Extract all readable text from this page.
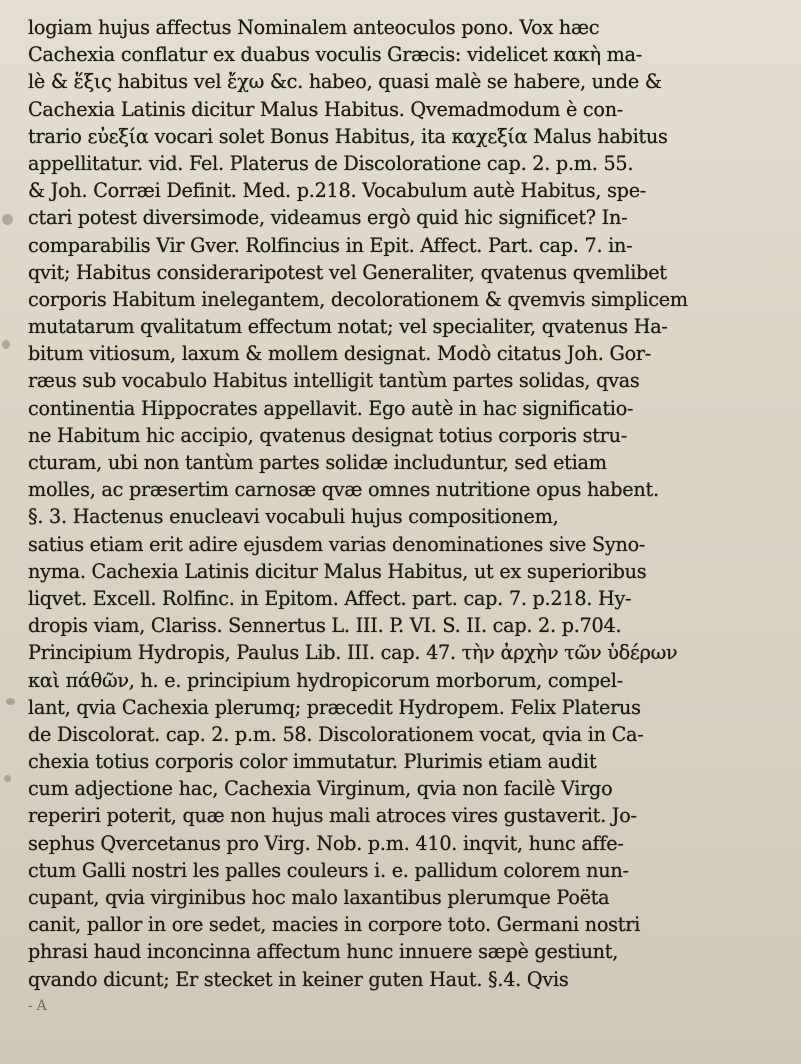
logiam hujus affectus Nominalem anteoculos pono. Vox hæc
Cachexia conflatur ex duabus voculis Græcis: videlicet κακὴ ma-
lè & ἕξις habitus vel ἔχω &c. habeo, quasi malè se habere, unde &
Cachexia Latinis dicitur Malus Habitus. Qvemadmodum è con-
trario εὐεξία vocari solet Bonus Habitus, ita καχεξία Malus habitus
appellitatur. vid. Fel. Platerus de Discoloratione cap. 2. p.m. 55.
& Joh. Corræi Definit. Med. p.218. Vocabulum autè Habitus, spe-
ctari potest diversimode, videamus ergò quid hic significet? In-
comparabilis Vir Gver. Rolfincius in Epit. Affect. Part. cap. 7. in-
qvit; Habitus consideraripotest vel Generaliter, qvatenus qvemlibet
corporis Habitum inelegantem, decolorationem & qvemvis simplicem
mutatarum qvalitatum effectum notat; vel specialiter, qvatenus Ha-
bitum vitiosum, laxum & mollem designat. Modò citatus Joh. Gor-
ræus sub vocabulo Habitus intelligit tantùm partes solidas, qvas
continentia Hippocrates appellavit. Ego autè in hac significatio-
ne Habitum hic accipio, qvatenus designat totius corporis stru-
cturam, ubi non tantùm partes solidæ includuntur, sed etiam
molles, ac præsertim carnosæ qvæ omnes nutritione opus habent.
§. 3. Hactenus enucleavi vocabuli hujus compositionem,
satius etiam erit adire ejusdem varias denominationes sive Syno-
nyma. Cachexia Latinis dicitur Malus Habitus, ut ex superioribus
liqvet. Excell. Rolfinc. in Epitom. Affect. part. cap. 7. p.218. Hy-
dropis viam, Clariss. Sennertus L. III. P. VI. S. II. cap. 2. p.704.
Principium Hydropis, Paulus Lib. III. cap. 47. τὴν ἀρχὴν τῶν ὑδέρων
καὶ πάθῶν, h. e. principium hydropicorum morborum, compel-
lant, qvia Cachexia plerumq; præcedit Hydropem. Felix Platerus
de Discolorat. cap. 2. p.m. 58. Discolorationem vocat, qvia in Ca-
chexia totius corporis color immutatur. Plurimis etiam audit
cum adjectione hac, Cachexia Virginum, qvia non facilè Virgo
reperiri poterit, quæ non hujus mali atroces vires gustaverit. Jo-
sephus Qvercetanus pro Virg. Nob. p.m. 410. inqvit, hunc affe-
ctum Galli nostri les palles couleurs i. e. pallidum colorem nun-
cupant, qvia virginibus hoc malo laxantibus plerumque Poëta
canit, pallor in ore sedet, macies in corpore toto. Germani nostri
phrasi haud inconcinna affectum hunc innuere sæpè gestiunt,
qvando dicunt; Er stecket in keiner guten Haut. §.4. Qvis
‑ A
